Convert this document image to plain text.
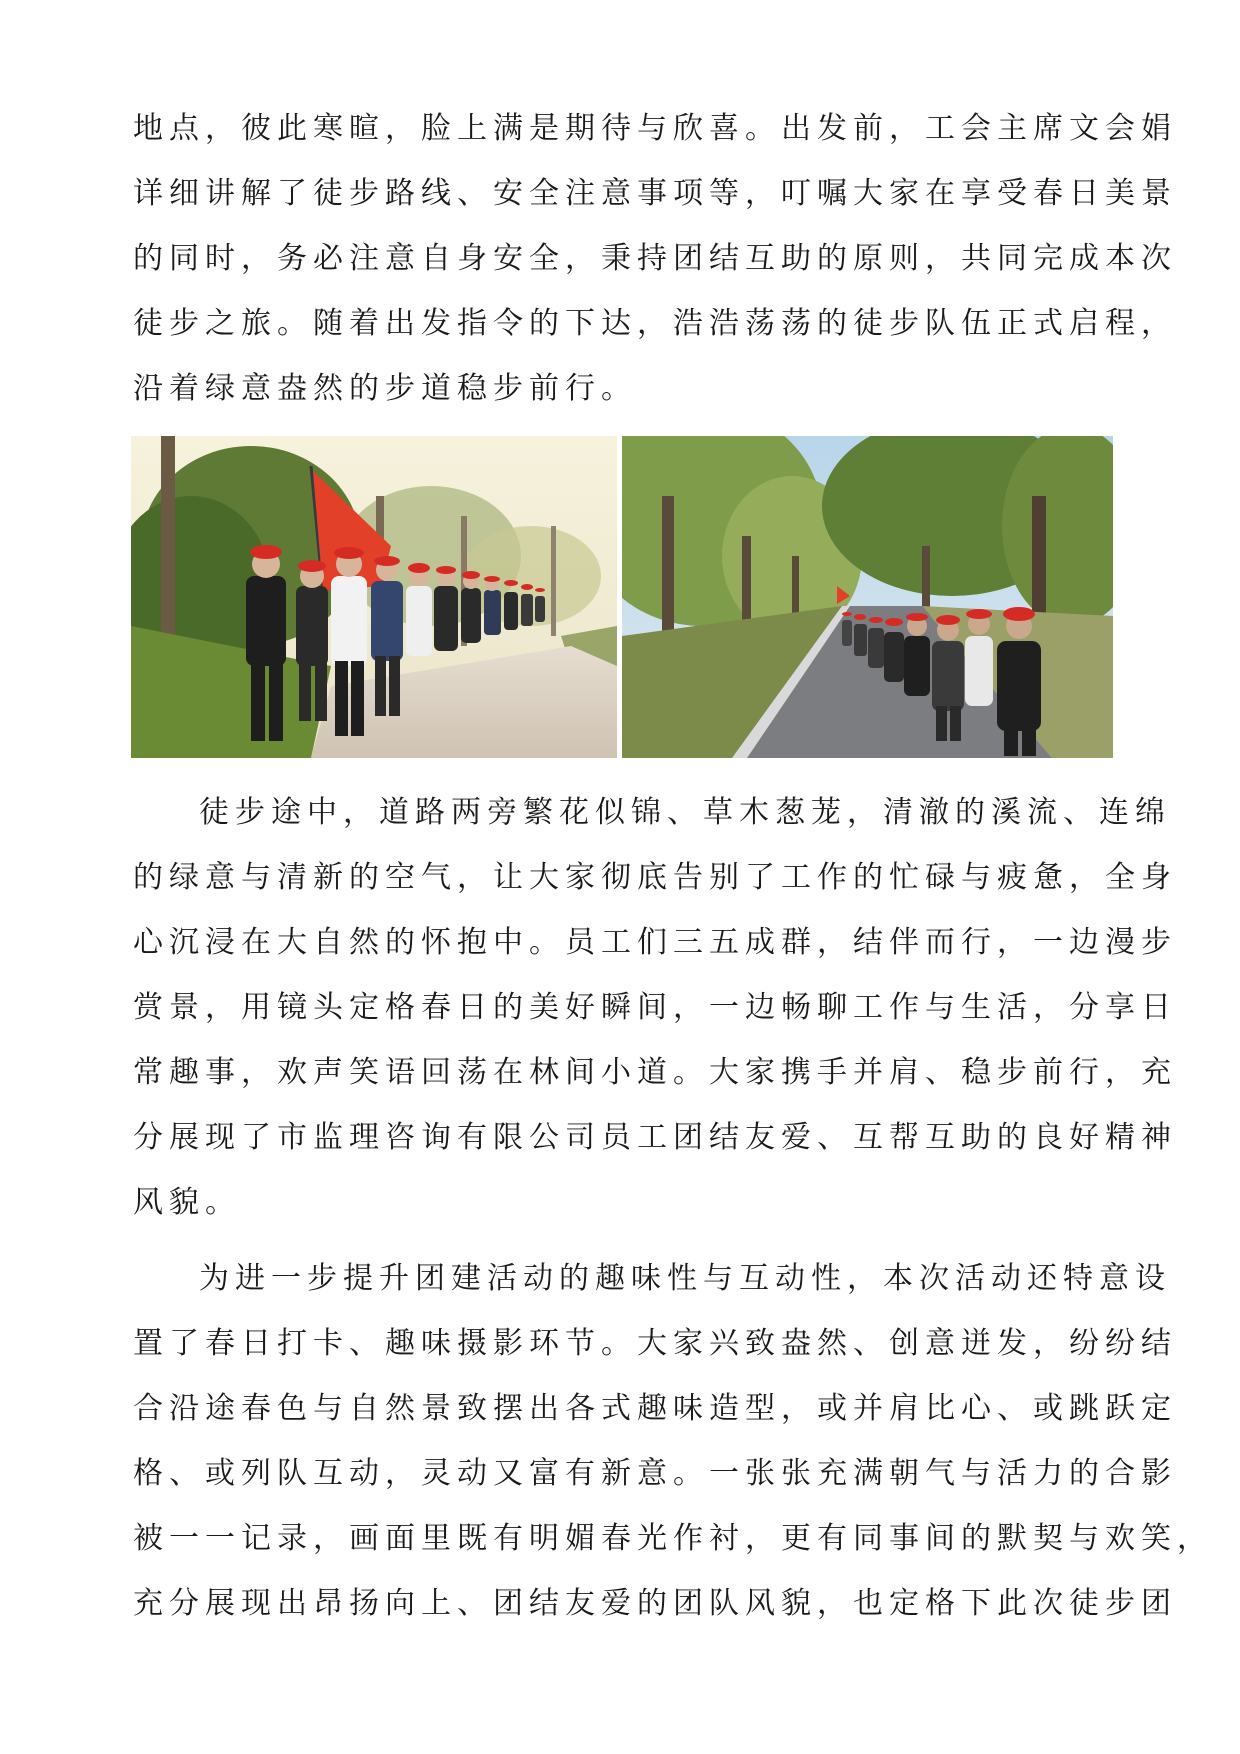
地点，彼此寒暄，脸上满是期待与欣喜。出发前，工会主席文会娟
详细讲解了徒步路线、安全注意事项等，叮嘱大家在享受春日美景
的同时，务必注意自身安全，秉持团结互助的原则，共同完成本次
徒步之旅。随着出发指令的下达，浩浩荡荡的徒步队伍正式启程，
沿着绿意盎然的步道稳步前行。
徒步途中，道路两旁繁花似锦、草木葱茏，清澈的溪流、连绵
的绿意与清新的空气，让大家彻底告别了工作的忙碌与疲惫，全身
心沉浸在大自然的怀抱中。员工们三五成群，结伴而行，一边漫步
赏景，用镜头定格春日的美好瞬间，一边畅聊工作与生活，分享日
常趣事，欢声笑语回荡在林间小道。大家携手并肩、稳步前行，充
分展现了市监理咨询有限公司员工团结友爱、互帮互助的良好精神
风貌。
为进一步提升团建活动的趣味性与互动性，本次活动还特意设
置了春日打卡、趣味摄影环节。大家兴致盎然、创意迸发，纷纷结
合沿途春色与自然景致摆出各式趣味造型，或并肩比心、或跳跃定
格、或列队互动，灵动又富有新意。一张张充满朝气与活力的合影
被一一记录，画面里既有明媚春光作衬，更有同事间的默契与欢笑，
充分展现出昂扬向上、团结友爱的团队风貌，也定格下此次徒步团
